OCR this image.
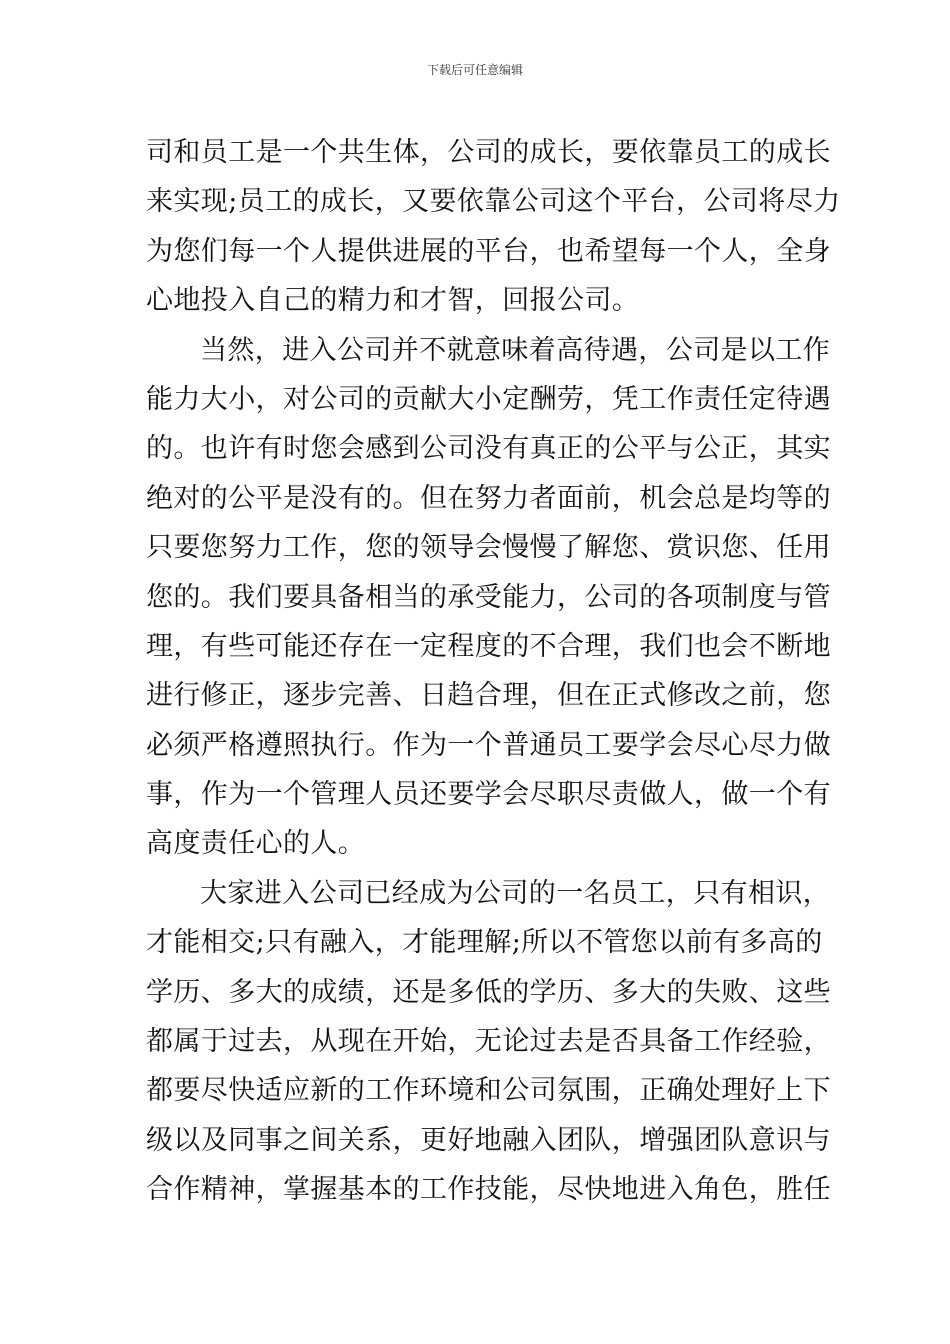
下载后可任意编辑
司和员工是一个共生体，公司的成长，要依靠员工的成长
来实现;员工的成长，又要依靠公司这个平台，公司将尽力
为您们每一个人提供进展的平台，也希望每一个人，全身
心地投入自己的精力和才智，回报公司。
当然，进入公司并不就意味着高待遇，公司是以工作
能力大小，对公司的贡献大小定酬劳，凭工作责任定待遇
的。也许有时您会感到公司没有真正的公平与公正，其实
绝对的公平是没有的。但在努力者面前，机会总是均等的
只要您努力工作，您的领导会慢慢了解您、赏识您、任用
您的。我们要具备相当的承受能力，公司的各项制度与管
理，有些可能还存在一定程度的不合理，我们也会不断地
进行修正，逐步完善、日趋合理，但在正式修改之前，您
必须严格遵照执行。作为一个普通员工要学会尽心尽力做
事，作为一个管理人员还要学会尽职尽责做人，做一个有
高度责任心的人。
大家进入公司已经成为公司的一名员工，只有相识，
才能相交;只有融入，才能理解;所以不管您以前有多高的
学历、多大的成绩，还是多低的学历、多大的失败、这些
都属于过去，从现在开始，无论过去是否具备工作经验，
都要尽快适应新的工作环境和公司氛围，正确处理好上下
级以及同事之间关系，更好地融入团队，增强团队意识与
合作精神，掌握基本的工作技能，尽快地进入角色，胜任
